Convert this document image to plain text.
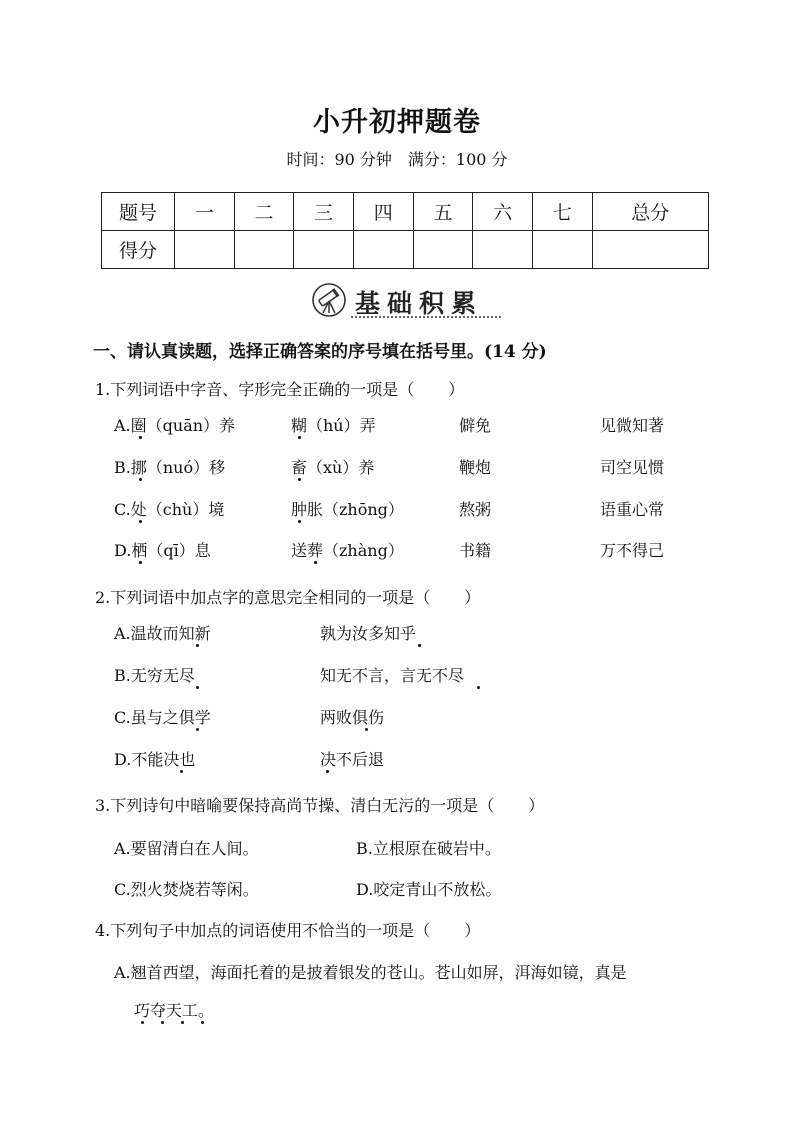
小升初押题卷
时间：90 分钟　满分：100 分
题号	一	二	三	四	五	六	七	总分
得分								
基础积累
一、请认真读题，选择正确答案的序号填在括号里。(14 分)
1.下列词语中字音、字形完全正确的一项是（ ）
A.圈（quān）养	糊（hú）弄	僻免	见微知著
B.挪（nuó）移	畜（xù）养	鞭炮	司空见惯
C.处（chù）境	肿胀（zhōng）	熬粥	语重心常
D.栖（qī）息	送葬（zhàng）	书籍	万不得己
2.下列词语中加点字的意思完全相同的一项是（ ）
A.温故而知新	孰为汝多知乎
B.无穷无尽	知无不言，言无不尽
C.虽与之俱学	两败俱伤
D.不能决也	决不后退
3.下列诗句中暗喻要保持高尚节操、清白无污的一项是（ ）
A.要留清白在人间。	B.立根原在破岩中。
C.烈火焚烧若等闲。	D.咬定青山不放松。
4.下列句子中加点的词语使用不恰当的一项是（ ）
A.翘首西望，海面托着的是披着银发的苍山。苍山如屏，洱海如镜，真是
巧夺天工。
